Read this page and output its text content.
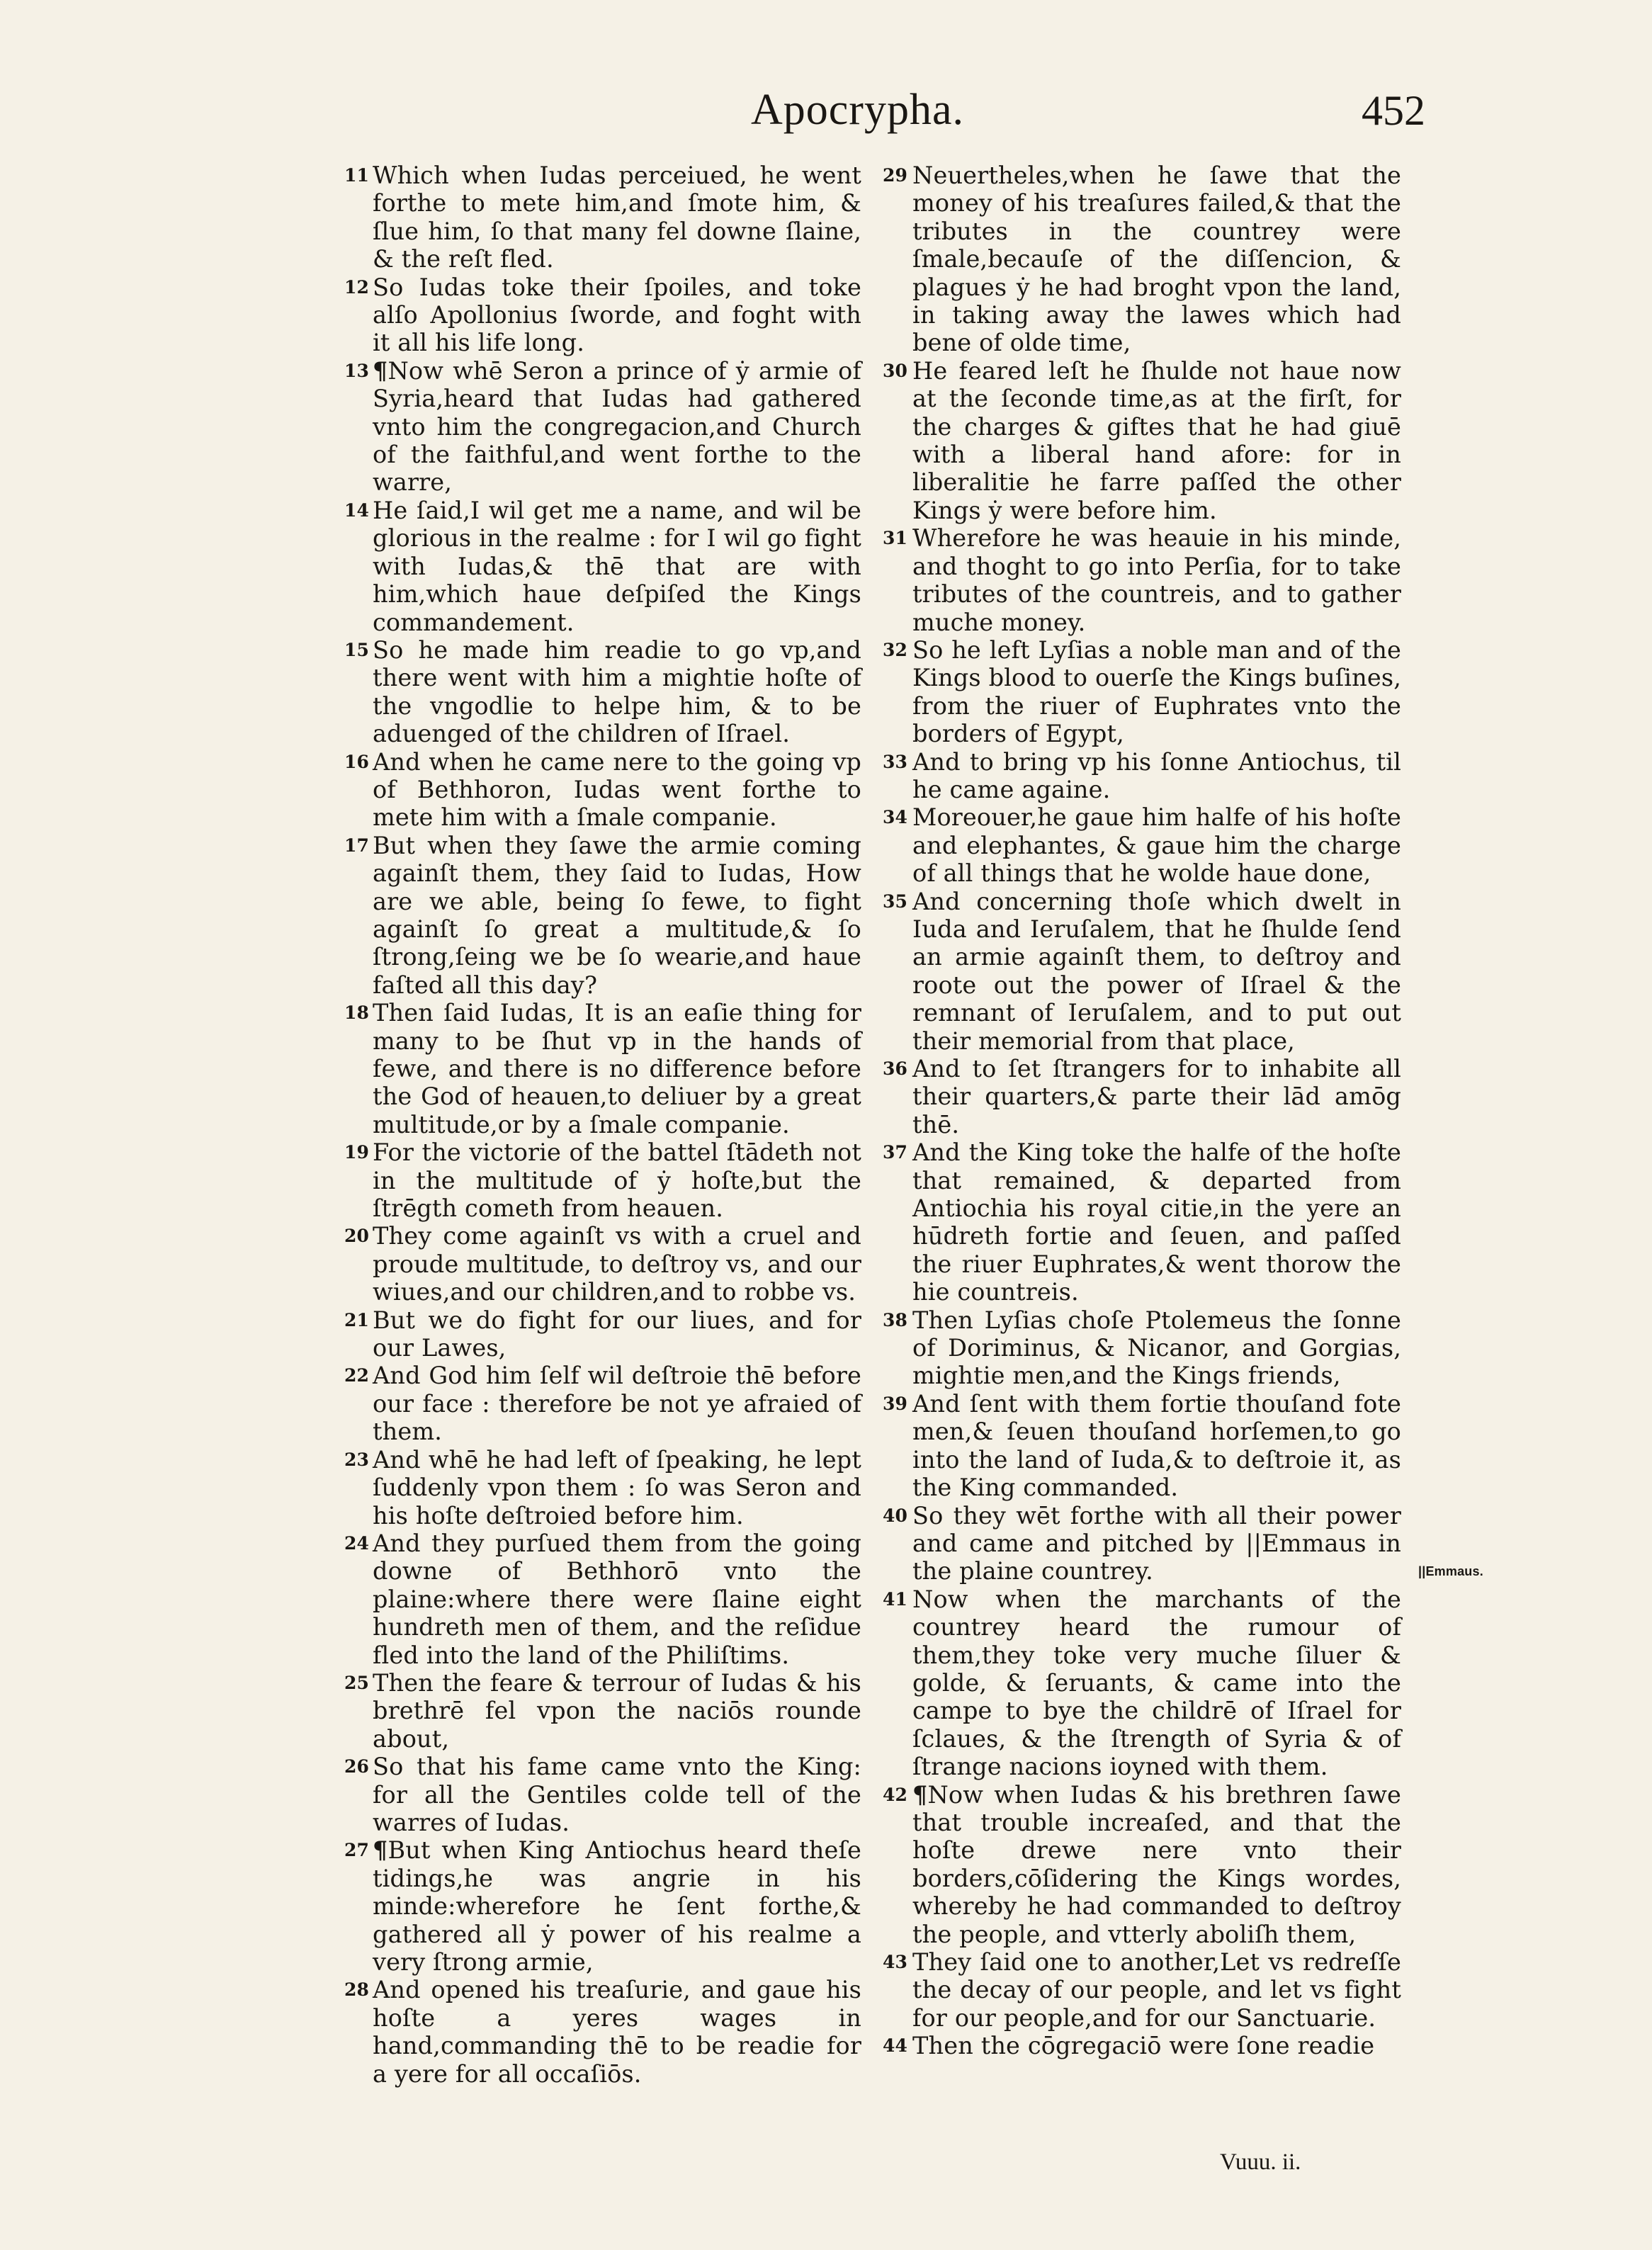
Apocrypha.	452
11 Which when Iudas perceiued, he went forthe to mete him,and ſmote him, & ſlue him, ſo that many fel downe ſlaine, & the reſt fled.
12 So Iudas toke their ſpoiles, and toke alſo Apollonius ſworde, and foght with it all his life long.
13 ¶Now whē Seron a prince of ẏ armie of Syria,heard that Iudas had gathered vnto him the congregacion,and Church of the faithful,and went forthe to the warre,
14 He ſaid,I wil get me a name, and wil be glorious in the realme : for I wil go fight with Iudas,& thē that are with him,which haue deſpiſed the Kings commandement.
15 So he made him readie to go vp,and there went with him a mightie hoſte of the vngodlie to helpe him, & to be aduenged of the children of Iſrael.
16 And when he came nere to the going vp of Bethhoron, Iudas went forthe to mete him with a ſmale companie.
17 But when they ſawe the armie coming againſt them, they ſaid to Iudas, How are we able, being ſo fewe, to fight againſt ſo great a multitude,& ſo ſtrong,ſeing we be ſo wearie,and haue faſted all this day?
18 Then ſaid Iudas, It is an eaſie thing for many to be ſhut vp in the hands of fewe, and there is no difference before the God of heauen,to deliuer by a great multitude,or by a ſmale companie.
19 For the victorie of the battel ſtādeth not in the multitude of ẏ hoſte,but the ſtrēgth cometh from heauen.
20 They come againſt vs with a cruel and proude multitude, to deſtroy vs, and our wiues,and our children,and to robbe vs.
21 But we do fight for our liues, and for our Lawes,
22 And God him ſelf wil deſtroie thē before our face : therefore be not ye afraied of them.
23 And whē he had left of ſpeaking, he lept ſuddenly vpon them : ſo was Seron and his hoſte deſtroied before him.
24 And they purſued them from the going downe of Bethhorō vnto the plaine:where there were ſlaine eight hundreth men of them, and the reſidue fled into the land of the Philiſtims.
25 Then the feare & terrour of Iudas & his brethrē fel vpon the naciōs rounde about,
26 So that his fame came vnto the King: for all the Gentiles colde tell of the warres of Iudas.
27 ¶But when King Antiochus heard theſe tidings,he was angrie in his minde:wherefore he ſent forthe,& gathered all ẏ power of his realme a very ſtrong armie,
28 And opened his treaſurie, and gaue his hoſte a yeres wages in hand,commanding thē to be readie for a yere for all occaſiōs.
29 Neuertheles,when he ſawe that the money of his treaſures failed,& that the tributes in the countrey were ſmale,becauſe of the diſſencion, & plagues ẏ he had broght vpon the land, in taking away the lawes which had bene of olde time,
30 He feared leſt he ſhulde not haue now at the ſeconde time,as at the firſt, for the charges & giftes that he had giuē with a liberal hand afore: for in liberalitie he farre paſſed the other Kings ẏ were before him.
31 Wherefore he was heauie in his minde, and thoght to go into Perſia, for to take tributes of the countreis, and to gather muche money.
32 So he left Lyſias a noble man and of the Kings blood to ouerſe the Kings buſines, from the riuer of Euphrates vnto the borders of Egypt,
33 And to bring vp his ſonne Antiochus, til he came againe.
34 Moreouer,he gaue him halfe of his hoſte and elephantes, & gaue him the charge of all things that he wolde haue done,
35 And concerning thoſe which dwelt in Iuda and Ieruſalem, that he ſhulde ſend an armie againſt them, to deſtroy and roote out the power of Iſrael & the remnant of Ieruſalem, and to put out their memorial from that place,
36 And to ſet ſtrangers for to inhabite all their quarters,& parte their lād amōg thē.
37 And the King toke the halfe of the hoſte that remained, & departed from Antiochia his royal citie,in the yere an hūdreth fortie and ſeuen, and paſſed the riuer Euphrates,& went thorow the hie countreis.
38 Then Lyſias choſe Ptolemeus the ſonne of Doriminus, & Nicanor, and Gorgias, mightie men,and the Kings friends,
39 And ſent with them fortie thouſand fote men,& ſeuen thouſand horſemen,to go into the land of Iuda,& to deſtroie it, as the King commanded.
40 So they wēt forthe with all their power and came and pitched by ||Emmaus in the plaine countrey.
41 Now when the marchants of the countrey heard the rumour of them,they toke very muche ſiluer & golde, & ſeruants, & came into the campe to bye the childrē of Iſrael for ſclaues, & the ſtrength of Syria & of ſtrange nacions ioyned with them.
42 ¶Now when Iudas & his brethren ſawe that trouble increaſed, and that the hoſte drewe nere vnto their borders,cōſidering the Kings wordes, whereby he had commanded to deſtroy the people, and vtterly aboliſh them,
43 They ſaid one to another,Let vs redreſſe the decay of our people, and let vs fight for our people,and for our Sanctuarie.
44 Then the cōgregaciō were ſone readie
||Emmaus.
Vuuu. ii.
